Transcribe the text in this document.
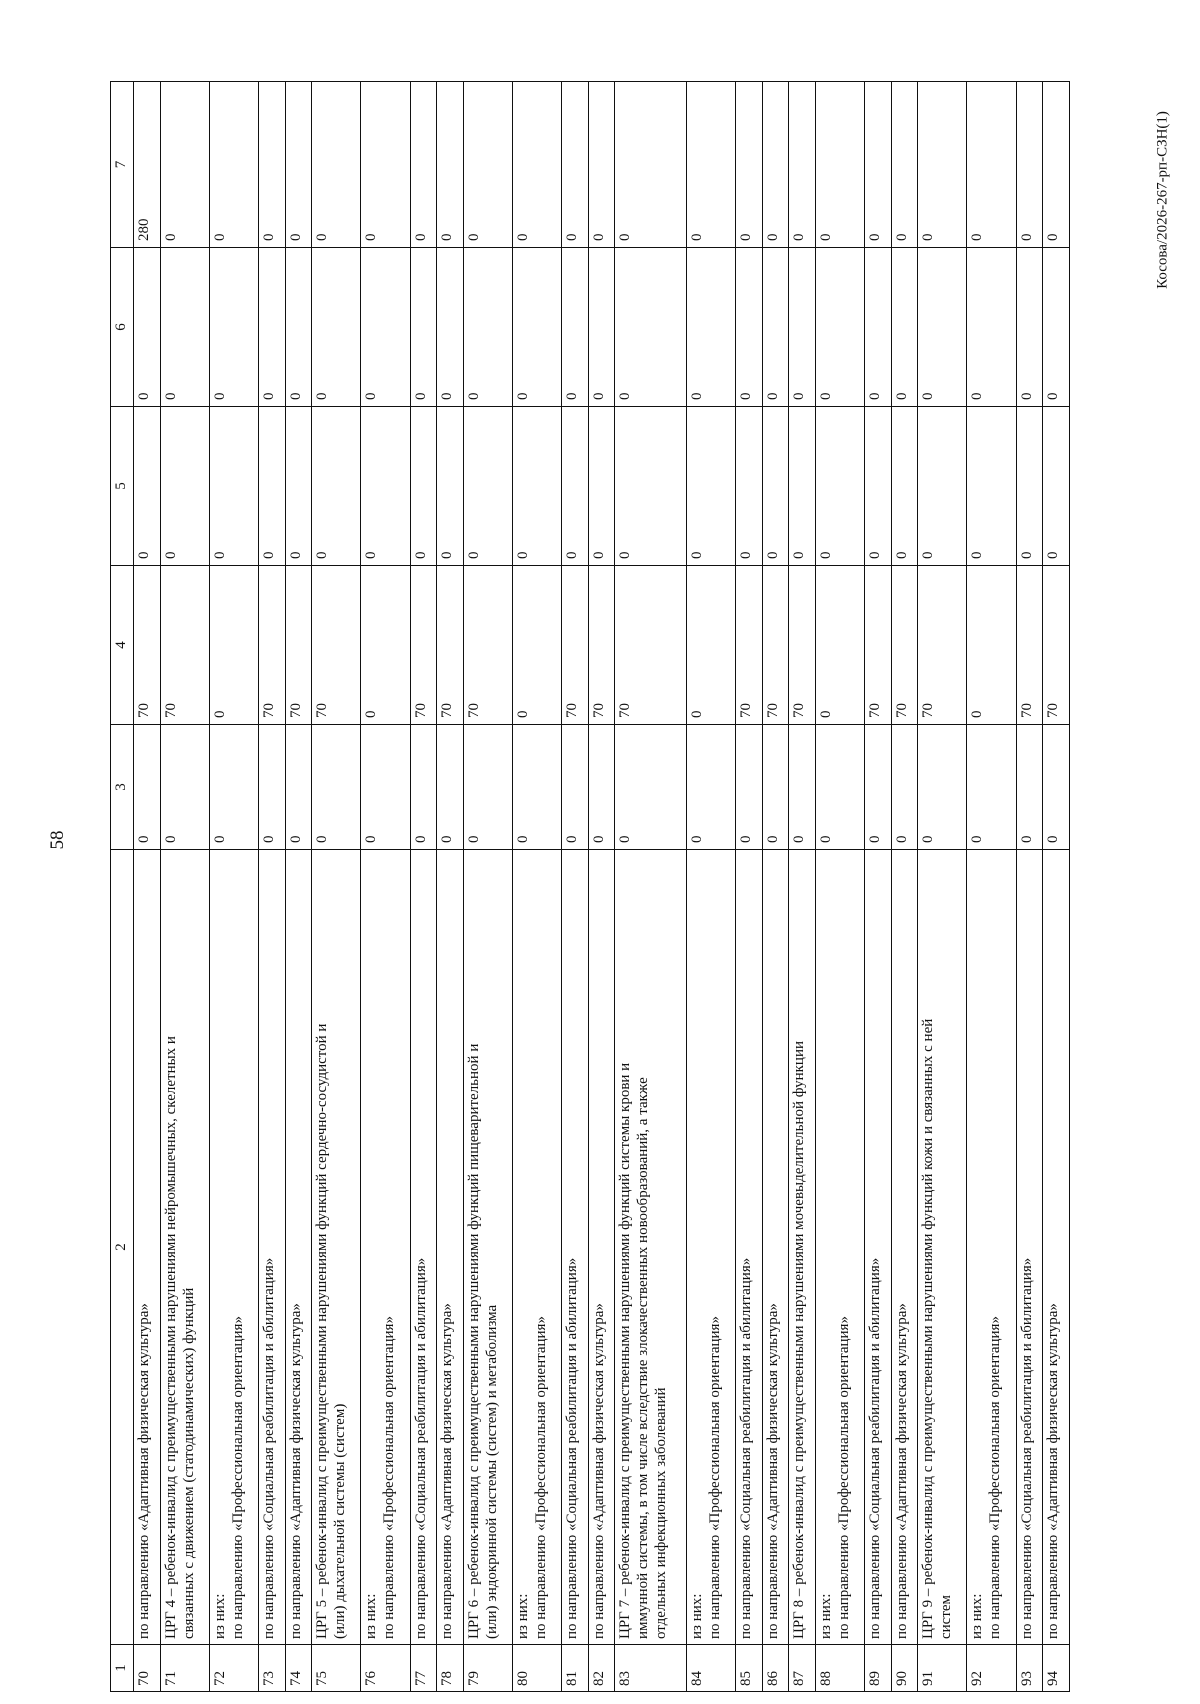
58
Косова/2026-267-рп-СЗН(1)
1	2	3	4	5	6	7
70	по направлению «Адаптивная физическая культура»	0	70	0	0	280
71	ЦРГ 4 – ребенок-инвалид с преимущественными нарушениями нейромышечных, скелетных и связанных с движением (статодинамических) функций	0	70	0	0	0
72	из них: по направлению «Профессиональная ориентация»	0	0	0	0	0
73	по направлению «Социальная реабилитация и абилитация»	0	70	0	0	0
74	по направлению «Адаптивная физическая культура»	0	70	0	0	0
75	ЦРГ 5 – ребенок-инвалид с преимущественными нарушениями функций сердечно-сосудистой и (или) дыхательной системы (систем)	0	70	0	0	0
76	из них: по направлению «Профессиональная ориентация»	0	0	0	0	0
77	по направлению «Социальная реабилитация и абилитация»	0	70	0	0	0
78	по направлению «Адаптивная физическая культура»	0	70	0	0	0
79	ЦРГ 6 – ребенок-инвалид с преимущественными нарушениями функций пищеварительной и (или) эндокринной системы (систем) и метаболизма	0	70	0	0	0
80	из них: по направлению «Профессиональная ориентация»	0	0	0	0	0
81	по направлению «Социальная реабилитация и абилитация»	0	70	0	0	0
82	по направлению «Адаптивная физическая культура»	0	70	0	0	0
83	ЦРГ 7 – ребенок-инвалид с преимущественными нарушениями функций системы крови и иммунной системы, в том числе вследствие злокачественных новообразований, а также отдельных инфекционных заболеваний	0	70	0	0	0
84	из них: по направлению «Профессиональная ориентация»	0	0	0	0	0
85	по направлению «Социальная реабилитация и абилитация»	0	70	0	0	0
86	по направлению «Адаптивная физическая культура»	0	70	0	0	0
87	ЦРГ 8 – ребенок-инвалид с преимущественными нарушениями мочевыделительной функции	0	70	0	0	0
88	из них: по направлению «Профессиональная ориентация»	0	0	0	0	0
89	по направлению «Социальная реабилитация и абилитация»	0	70	0	0	0
90	по направлению «Адаптивная физическая культура»	0	70	0	0	0
91	ЦРГ 9 – ребенок-инвалид с преимущественными нарушениями функций кожи и связанных с ней систем	0	70	0	0	0
92	из них: по направлению «Профессиональная ориентация»	0	0	0	0	0
93	по направлению «Социальная реабилитация и абилитация»	0	70	0	0	0
94	по направлению «Адаптивная физическая культура»	0	70	0	0	0
